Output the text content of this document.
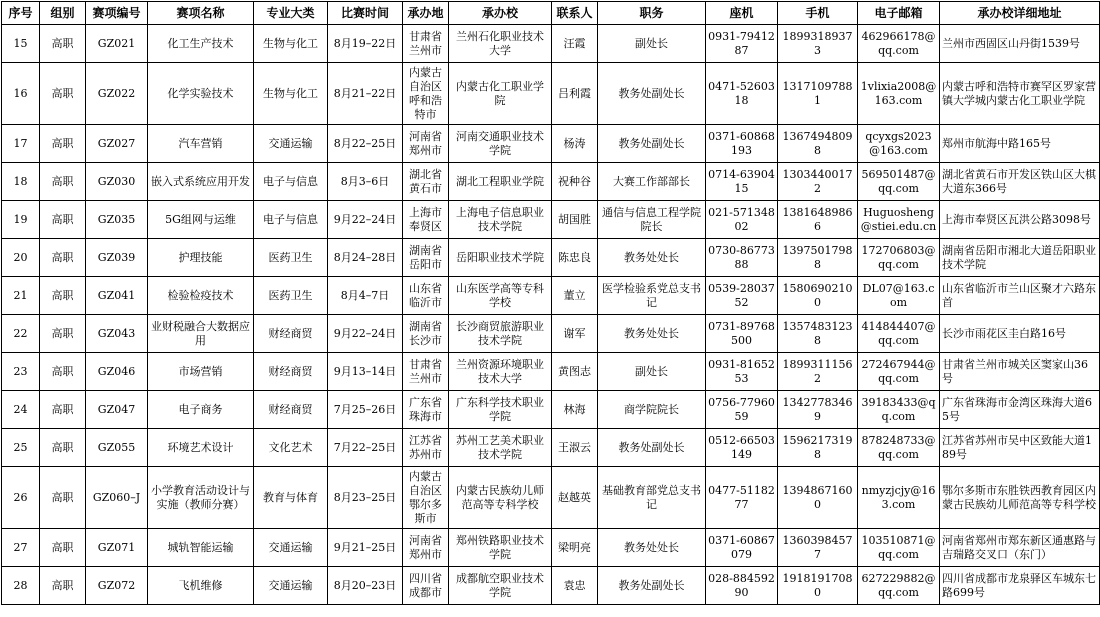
序号	组别	赛项编号	赛项名称	专业大类	比赛时间	承办地	承办校	联系人	职务	座机	手机	电子邮箱	承办校详细地址
15	高职	GZ021	化工生产技术	生物与化工	8月19–22日	甘肃省兰州市	兰州石化职业技术大学	汪霞	副处长	0931-7941287	18993189373	462966178@qq.com	兰州市西固区山丹街1539号
16	高职	GZ022	化学实验技术	生物与化工	8月21–22日	内蒙古自治区呼和浩特市	内蒙古化工职业学院	吕利霞	教务处副处长	0471-5260318	13171097881	1vlixia2008@163.com	内蒙古呼和浩特市赛罕区罗家营镇大学城内蒙古化工职业学院
17	高职	GZ027	汽车营销	交通运输	8月22–25日	河南省郑州市	河南交通职业技术学院	杨涛	教务处副处长	0371-60868193	13674948098	qcyxgs2023@163.com	郑州市航海中路165号
18	高职	GZ030	嵌入式系统应用开发	电子与信息	8月3–6日	湖北省黄石市	湖北工程职业学院	祝种谷	大赛工作部部长	0714-6390415	13034400172	569501487@qq.com	湖北省黄石市开发区铁山区大棋大道东366号
19	高职	GZ035	5G组网与运维	电子与信息	9月22–24日	上海市奉贤区	上海电子信息职业技术学院	胡国胜	通信与信息工程学院院长	021-57134802	13816489866	Huguosheng@stiei.edu.cn	上海市奉贤区瓦洪公路3098号
20	高职	GZ039	护理技能	医药卫生	8月24–28日	湖南省岳阳市	岳阳职业技术学院	陈忠良	教务处处长	0730-8677388	13975017988	172706803@qq.com	湖南省岳阳市湘北大道岳阳职业技术学院
21	高职	GZ041	检验检疫技术	医药卫生	8月4–7日	山东省临沂市	山东医学高等专科学校	董立	医学检验系党总支书记	0539-2803752	15806902100	DL07@163.com	山东省临沂市兰山区聚才六路东首
22	高职	GZ043	业财税融合大数据应用	财经商贸	9月22–24日	湖南省长沙市	长沙商贸旅游职业技术学院	谢军	教务处处长	0731-89768500	13574831238	414844407@qq.com	长沙市雨花区圭白路16号
23	高职	GZ046	市场营销	财经商贸	9月13–14日	甘肃省兰州市	兰州资源环境职业技术大学	黄图志	副处长	0931-8165253	18993111562	272467944@qq.com	甘肃省兰州市城关区窦家山36号
24	高职	GZ047	电子商务	财经商贸	7月25–26日	广东省珠海市	广东科学技术职业学院	林海	商学院院长	0756-7796059	13427783469	39183433@qq.com	广东省珠海市金湾区珠海大道65号
25	高职	GZ055	环境艺术设计	文化艺术	7月22–25日	江苏省苏州市	苏州工艺美术职业技术学院	王淑云	教务处副处长	0512-66503149	15962173198	878248733@qq.com	江苏省苏州市吴中区致能大道189号
26	高职	GZ060–J	小学教育活动设计与实施（教师分赛）	教育与体育	8月23–25日	内蒙古自治区鄂尔多斯市	内蒙古民族幼儿师范高等专科学校	赵越英	基础教育部党总支书记	0477-5118277	13948671600	nmyzjcjy@163.com	鄂尔多斯市东胜铁西教育园区内蒙古民族幼儿师范高等专科学校
27	高职	GZ071	城轨智能运输	交通运输	9月21–25日	河南省郑州市	郑州铁路职业技术学院	梁明亮	教务处处长	0371-60867079	13603984577	103510871@qq.com	河南省郑州市郑东新区通惠路与吉瑞路交叉口（东门）
28	高职	GZ072	飞机维修	交通运输	8月20–23日	四川省成都市	成都航空职业技术学院	袁忠	教务处副处长	028-88459290	19181917080	627229882@qq.com	四川省成都市龙泉驿区车城东七路699号
